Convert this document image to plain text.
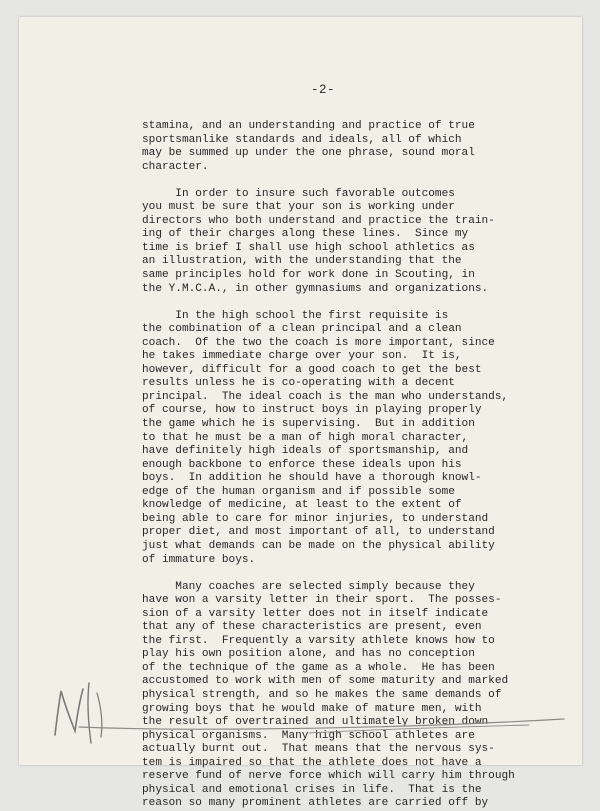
-2-
stamina, and an understanding and practice of true
sportsmanlike standards and ideals, all of which
may be summed up under the one phrase, sound moral
character.
In order to insure such favorable outcomes
you must be sure that your son is working under
directors who both understand and practice the train-
ing of their charges along these lines.  Since my
time is brief I shall use high school athletics as
an illustration, with the understanding that the
same principles hold for work done in Scouting, in
the Y.M.C.A., in other gymnasiums and organizations.
In the high school the first requisite is
the combination of a clean principal and a clean
coach.  Of the two the coach is more important, since
he takes immediate charge over your son.  It is,
however, difficult for a good coach to get the best
results unless he is co-operating with a decent
principal.  The ideal coach is the man who understands,
of course, how to instruct boys in playing properly
the game which he is supervising.  But in addition
to that he must be a man of high moral character,
have definitely high ideals of sportsmanship, and
enough backbone to enforce these ideals upon his
boys.  In addition he should have a thorough knowl-
edge of the human organism and if possible some
knowledge of medicine, at least to the extent of
being able to care for minor injuries, to understand
proper diet, and most important of all, to understand
just what demands can be made on the physical ability
of immature boys.
Many coaches are selected simply because they
have won a varsity letter in their sport.  The posses-
sion of a varsity letter does not in itself indicate
that any of these characteristics are present, even
the first.  Frequently a varsity athlete knows how to
play his own position alone, and has no conception
of the technique of the game as a whole.  He has been
accustomed to work with men of some maturity and marked
physical strength, and so he makes the same demands of
growing boys that he would make of mature men, with
the result of overtrained and ultimately broken down
physical organisms.  Many high school athletes are
actually burnt out.  That means that the nervous sys-
tem is impaired so that the athlete does not have a
reserve fund of nerve force which will carry him through
physical and emotional crises in life.  That is the
reason so many prominent athletes are carried off by
